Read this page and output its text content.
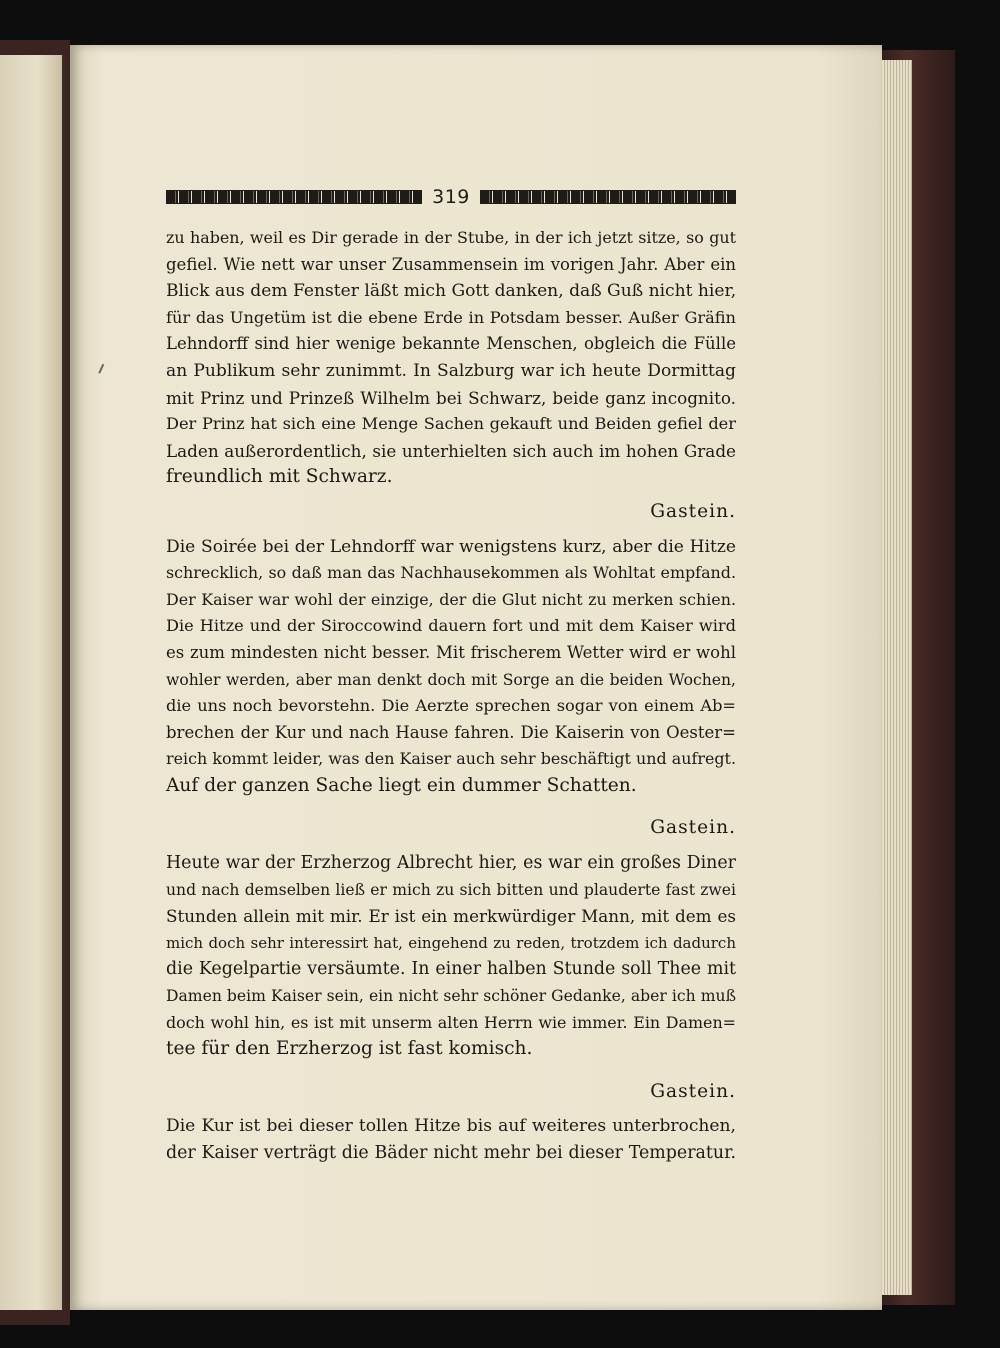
319
zu haben, weil es Dir gerade in der Stube, in der ich jetzt sitze, so gut
gefiel. Wie nett war unser Zusammensein im vorigen Jahr. Aber ein
Blick aus dem Fenster läßt mich Gott danken, daß Guß nicht hier,
für das Ungetüm ist die ebene Erde in Potsdam besser. Außer Gräfin
Lehndorff sind hier wenige bekannte Menschen, obgleich die Fülle
an Publikum sehr zunimmt. In Salzburg war ich heute Dormittag
mit Prinz und Prinzeß Wilhelm bei Schwarz, beide ganz incognito.
Der Prinz hat sich eine Menge Sachen gekauft und Beiden gefiel der
Laden außerordentlich, sie unterhielten sich auch im hohen Grade
freundlich mit Schwarz.
Gastein.
Die Soirée bei der Lehndorff war wenigstens kurz, aber die Hitze
schrecklich, so daß man das Nachhausekommen als Wohltat empfand.
Der Kaiser war wohl der einzige, der die Glut nicht zu merken schien.
Die Hitze und der Siroccowind dauern fort und mit dem Kaiser wird
es zum mindesten nicht besser. Mit frischerem Wetter wird er wohl
wohler werden, aber man denkt doch mit Sorge an die beiden Wochen,
die uns noch bevorstehn. Die Aerzte sprechen sogar von einem Ab=
brechen der Kur und nach Hause fahren. Die Kaiserin von Oester=
reich kommt leider, was den Kaiser auch sehr beschäftigt und aufregt.
Auf der ganzen Sache liegt ein dummer Schatten.
Gastein.
Heute war der Erzherzog Albrecht hier, es war ein großes Diner
und nach demselben ließ er mich zu sich bitten und plauderte fast zwei
Stunden allein mit mir. Er ist ein merkwürdiger Mann, mit dem es
mich doch sehr interessirt hat, eingehend zu reden, trotzdem ich dadurch
die Kegelpartie versäumte. In einer halben Stunde soll Thee mit
Damen beim Kaiser sein, ein nicht sehr schöner Gedanke, aber ich muß
doch wohl hin, es ist mit unserm alten Herrn wie immer. Ein Damen=
tee für den Erzherzog ist fast komisch.
Gastein.
Die Kur ist bei dieser tollen Hitze bis auf weiteres unterbrochen,
der Kaiser verträgt die Bäder nicht mehr bei dieser Temperatur.
